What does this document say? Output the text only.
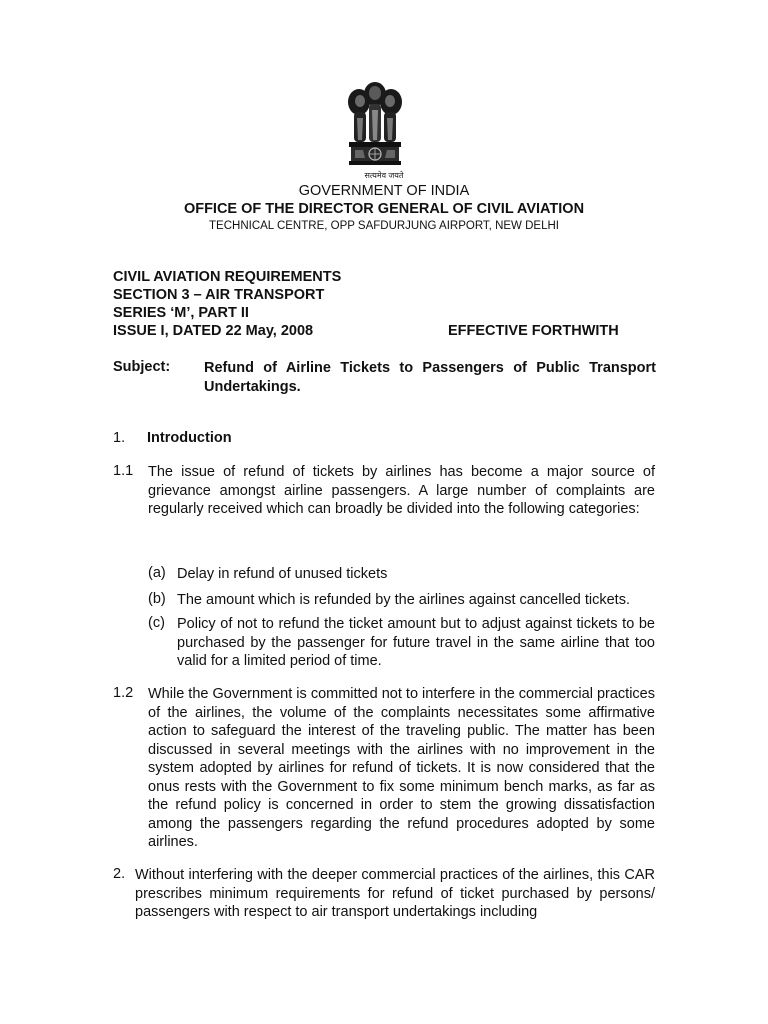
सत्यमेव जयते
GOVERNMENT OF INDIA
OFFICE OF THE DIRECTOR GENERAL OF CIVIL AVIATION
TECHNICAL CENTRE, OPP SAFDURJUNG AIRPORT, NEW DELHI
CIVIL AVIATION REQUIREMENTS
SECTION 3 – AIR TRANSPORT
SERIES ‘M’, PART II
ISSUE I, DATED 22 May, 2008	EFFECTIVE FORTHWITH
Subject: Refund of Airline Tickets to Passengers of Public Transport Undertakings.
1. Introduction
1.1 The issue of refund of tickets by airlines has become a major source of grievance amongst airline passengers. A large number of complaints are regularly received which can broadly be divided into the following categories:
(a) Delay in refund of unused tickets
(b) The amount which is refunded by the airlines against cancelled tickets.
(c) Policy of not to refund the ticket amount but to adjust against tickets to be purchased by the passenger for future travel in the same airline that too valid for a limited period of time.
1.2 While the Government is committed not to interfere in the commercial practices of the airlines, the volume of the complaints necessitates some affirmative action to safeguard the interest of the traveling public. The matter has been discussed in several meetings with the airlines with no improvement in the system adopted by airlines for refund of tickets. It is now considered that the onus rests with the Government to fix some minimum bench marks, as far as the refund policy is concerned in order to stem the growing dissatisfaction among the passengers regarding the refund procedures adopted by some airlines.
2. Without interfering with the deeper commercial practices of the airlines, this CAR prescribes minimum requirements for refund of ticket purchased by persons/ passengers with respect to air transport undertakings including
